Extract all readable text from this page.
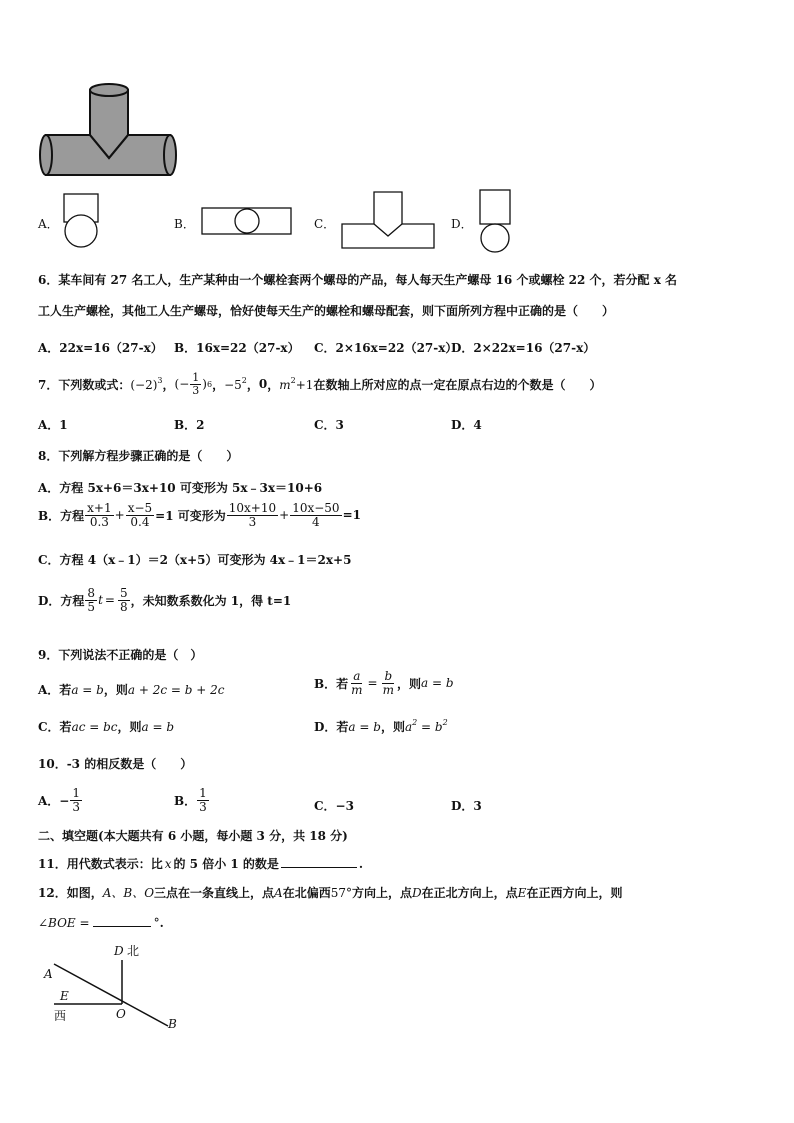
A．	B．	C．	D．
6．某车间有 27 名工人，生产某种由一个螺栓套两个螺母的产品，每人每天生产螺母 16 个或螺栓 22 个，若分配 x 名
工人生产螺栓，其他工人生产螺母，恰好使每天生产的螺栓和螺母配套，则下面所列方程中正确的是（　　）
A．22x=16（27-x） B．16x=22（27-x） C．2×16x=22（27-x）
D．2×22x=16（27-x）
7．下列数或式： $(-2)^3$ ， (− $\frac{1}{3}$ ) 6 ， $-5^2$ ， 0 ， $m^2+1$ 在数轴上所对应的点一定在原点右边的个数是（　　）
A．1	B．2	C．3	D．4
8．下列解方程步骤正确的是（　　）
A．方程 5x+6＝3x+10 可变形为 5x﹣3x＝10+6
B．方程 $\frac{x+1}{0.3} + \frac{x-5}{0.4} =1$ 可变形为 $\frac{10x+10}{3} + \frac{10x-50}{4} =1$
C．方程 4（x﹣1）＝2（x+5）可变形为 4x﹣1＝2x+5
D．方程 $\frac{8}{5}$ $t = \frac{5}{8}$ ，未知数系数化为 1，得 t=1
9．下列说法不正确的是（　）
A．若a = b，则a + 2c = b + 2c	B．若 $\frac{a}{m} = \frac{b}{m}$ ，则 a = b
C．若ac = bc，则a = b	D．若a = b，则$a^2 = b^2$
10．-3 的相反数是（　　）
A．− $\frac{1}{3}$	B． $\frac{1}{3}$	C．−3	D．3
二、填空题(本大题共有 6 小题，每小题 3 分，共 18 分)
11．用代数式表示：比 x 的 5 倍小 1 的数是	.
12．如图，A、B、O三点在一条直线上，点A在北偏西57°方向上，点D在正北方向上，点E在正西方向上，则
∠BOE =	° .
D 北
A
E
西	O
B
